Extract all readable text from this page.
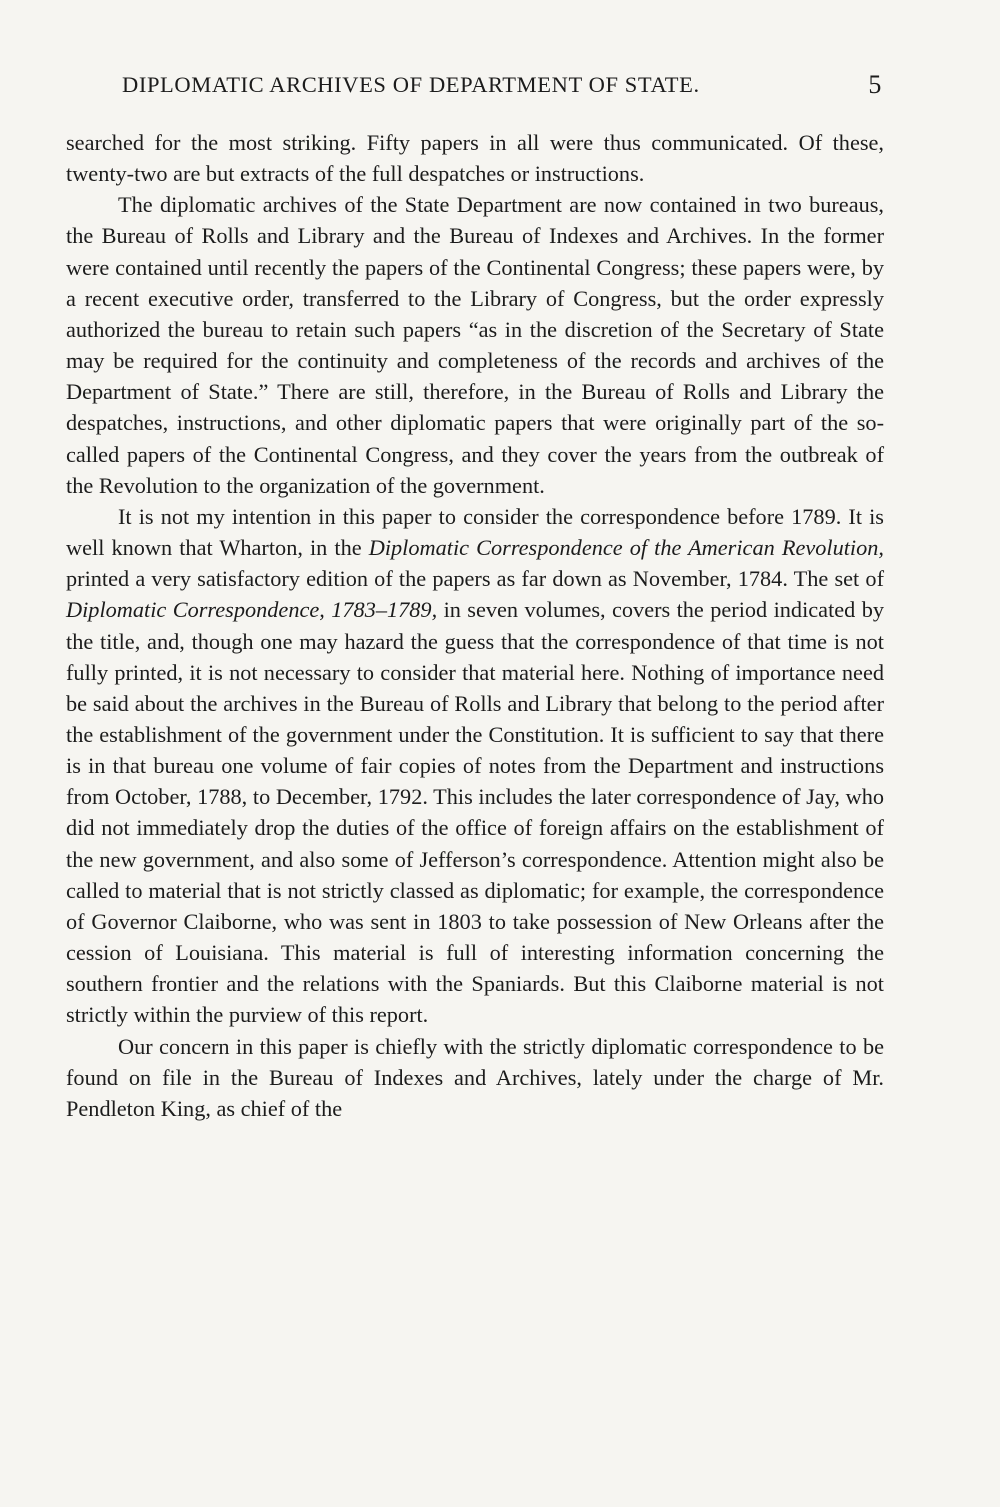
DIPLOMATIC ARCHIVES OF DEPARTMENT OF STATE.	5

searched for the most striking. Fifty papers in all were thus communicated. Of these, twenty-two are but extracts of the full despatches or instructions.

The diplomatic archives of the State Department are now contained in two bureaus, the Bureau of Rolls and Library and the Bureau of Indexes and Archives. In the former were contained until recently the papers of the Continental Congress; these papers were, by a recent executive order, transferred to the Library of Congress, but the order expressly authorized the bureau to retain such papers “as in the discretion of the Secretary of State may be required for the continuity and completeness of the records and archives of the Department of State.” There are still, therefore, in the Bureau of Rolls and Library the despatches, instructions, and other diplomatic papers that were originally part of the so-called papers of the Continental Congress, and they cover the years from the outbreak of the Revolution to the organization of the government.

It is not my intention in this paper to consider the correspondence before 1789. It is well known that Wharton, in the Diplomatic Correspondence of the American Revolution, printed a very satisfactory edition of the papers as far down as November, 1784. The set of Diplomatic Correspondence, 1783–1789, in seven volumes, covers the period indicated by the title, and, though one may hazard the guess that the correspondence of that time is not fully printed, it is not necessary to consider that material here. Nothing of importance need be said about the archives in the Bureau of Rolls and Library that belong to the period after the establishment of the government under the Constitution. It is sufficient to say that there is in that bureau one volume of fair copies of notes from the Department and instructions from October, 1788, to December, 1792. This includes the later correspondence of Jay, who did not immediately drop the duties of the office of foreign affairs on the establishment of the new government, and also some of Jefferson’s correspondence. Attention might also be called to material that is not strictly classed as diplomatic; for example, the correspondence of Governor Claiborne, who was sent in 1803 to take possession of New Orleans after the cession of Louisiana. This material is full of interesting information concerning the southern frontier and the relations with the Spaniards. But this Claiborne material is not strictly within the purview of this report.

Our concern in this paper is chiefly with the strictly diplomatic correspondence to be found on file in the Bureau of Indexes and Archives, lately under the charge of Mr. Pendleton King, as chief of the
